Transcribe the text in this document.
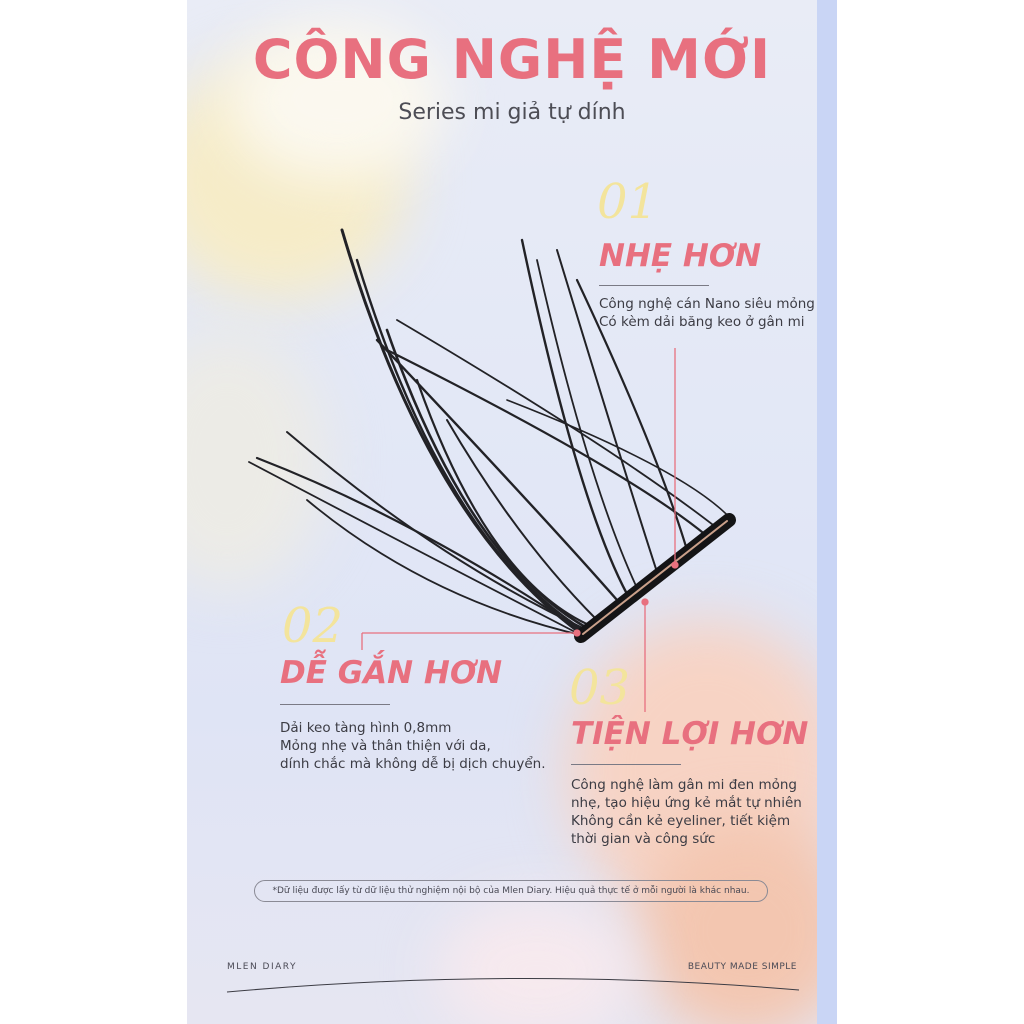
CÔNG NGHỆ MỚI
Series mi giả tự dính
01
NHẸ HƠN
Công nghệ cán Nano siêu mỏng
Có kèm dải băng keo ở gân mi
02
DỄ GẮN HƠN
Dải keo tàng hình 0,8mm
Mỏng nhẹ và thân thiện với da,
dính chắc mà không dễ bị dịch chuyển.
03
TIỆN LỢI HƠN
Công nghệ làm gân mi đen mỏng
nhẹ, tạo hiệu ứng kẻ mắt tự nhiên
Không cần kẻ eyeliner, tiết kiệm
thời gian và công sức
*Dữ liệu được lấy từ dữ liệu thử nghiệm nội bộ của Mlen Diary. Hiệu quả thực tế ở mỗi người là khác nhau.
MLEN DIARY	BEAUTY MADE SIMPLE
